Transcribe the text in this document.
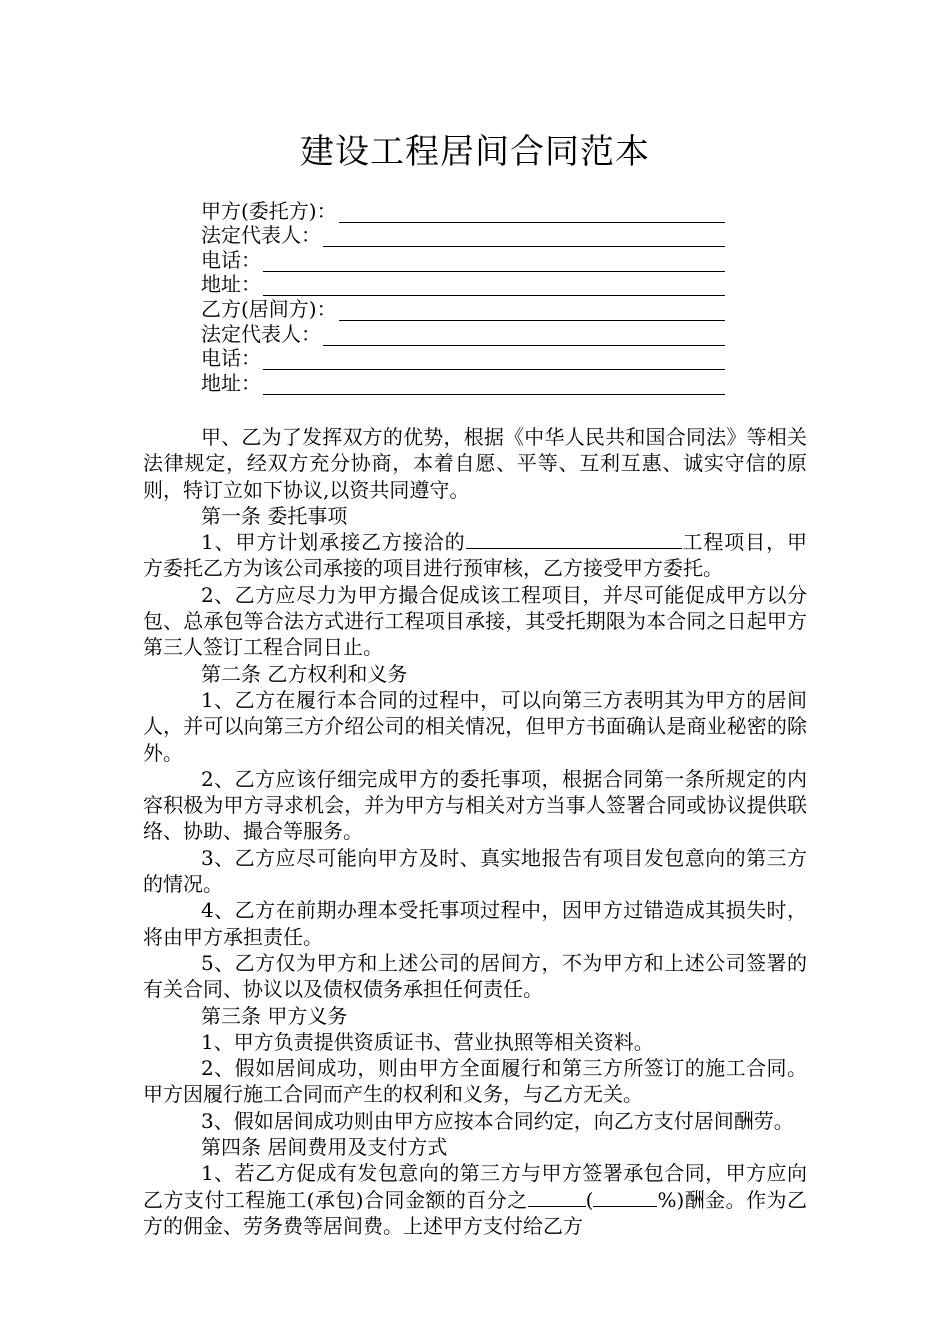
建设工程居间合同范本
甲方(委托方)：
法定代表人：
电话：
地址：
乙方(居间方)：
法定代表人：
电话：
地址：

甲、乙为了发挥双方的优势，根据《中华人民共和国合同法》等相关法律规定，经双方充分协商，本着自愿、平等、互利互惠、诚实守信的原则，特订立如下协议,以资共同遵守。

第一条 委托事项

1、甲方计划承接乙方接洽的	工程项目，甲方委托乙方为该公司承接的项目进行预审核，乙方接受甲方委托。

2、乙方应尽力为甲方撮合促成该工程项目，并尽可能促成甲方以分包、总承包等合法方式进行工程项目承接，其受托期限为本合同之日起甲方第三人签订工程合同日止。

第二条 乙方权利和义务

1、乙方在履行本合同的过程中，可以向第三方表明其为甲方的居间人，并可以向第三方介绍公司的相关情况，但甲方书面确认是商业秘密的除外。

2、乙方应该仔细完成甲方的委托事项，根据合同第一条所规定的内容积极为甲方寻求机会，并为甲方与相关对方当事人签署合同或协议提供联络、协助、撮合等服务。

3、乙方应尽可能向甲方及时、真实地报告有项目发包意向的第三方的情况。

4、乙方在前期办理本受托事项过程中，因甲方过错造成其损失时，将由甲方承担责任。

5、乙方仅为甲方和上述公司的居间方，不为甲方和上述公司签署的有关合同、协议以及债权债务承担任何责任。

第三条 甲方义务

1、甲方负责提供资质证书、营业执照等相关资料。

2、假如居间成功，则由甲方全面履行和第三方所签订的施工合同。甲方因履行施工合同而产生的权利和义务，与乙方无关。

3、假如居间成功则由甲方应按本合同约定，向乙方支付居间酬劳。

第四条 居间费用及支付方式

1、若乙方促成有发包意向的第三方与甲方签署承包合同，甲方应向乙方支付工程施工(承包)合同金额的百分之	(	%)酬金。作为乙方的佣金、劳务费等居间费。上述甲方支付给乙方
